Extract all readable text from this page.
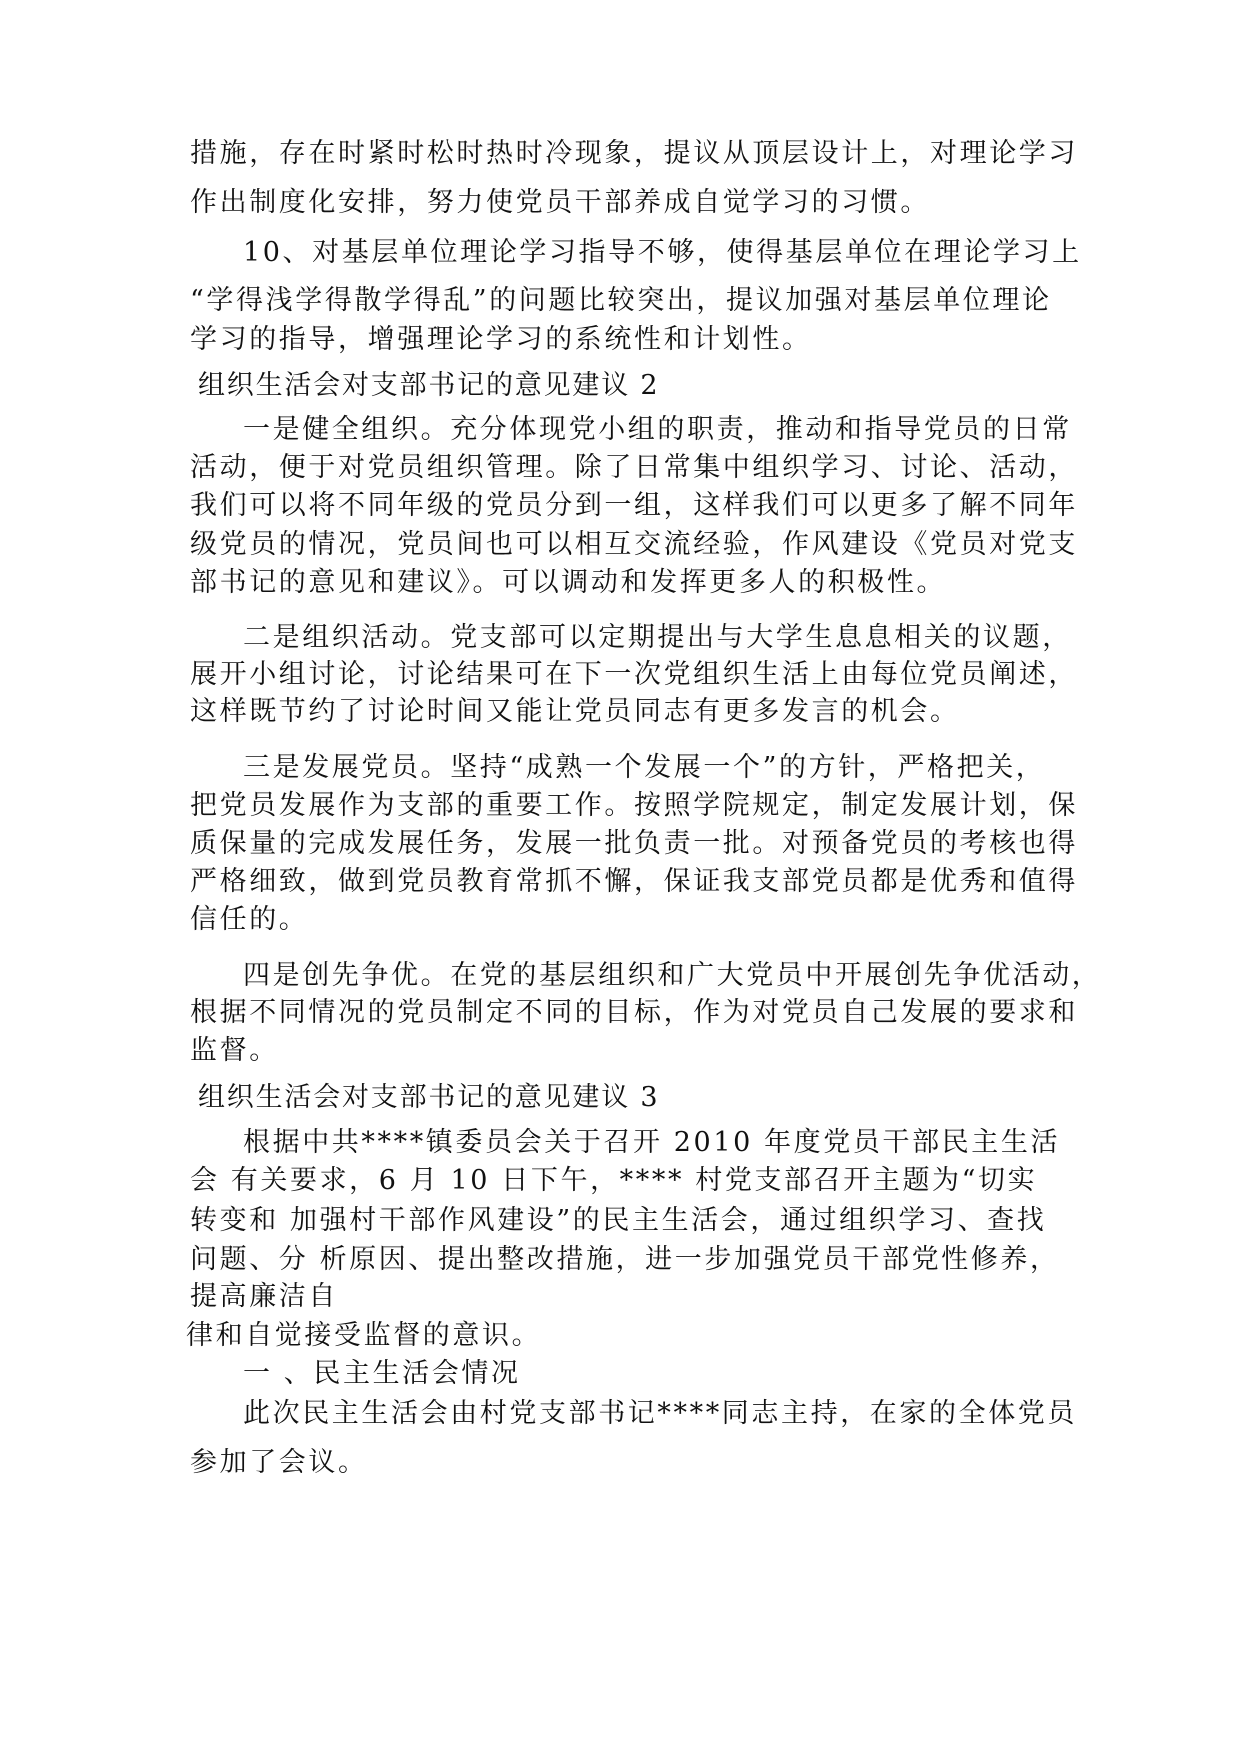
措施，存在时紧时松时热时冷现象，提议从顶层设计上，对理论学习

作出制度化安排，努力使党员干部养成自觉学习的习惯。

10、对基层单位理论学习指导不够，使得基层单位在理论学习上

“学得浅学得散学得乱”的问题比较突出，提议加强对基层单位理论

学习的指导，增强理论学习的系统性和计划性。

组织生活会对支部书记的意见建议 2

一是健全组织。充分体现党小组的职责，推动和指导党员的日常

活动，便于对党员组织管理。除了日常集中组织学习、讨论、活动，

我们可以将不同年级的党员分到一组，这样我们可以更多了解不同年

级党员的情况，党员间也可以相互交流经验，作风建设《党员对党支

部书记的意见和建议》。可以调动和发挥更多人的积极性。

二是组织活动。党支部可以定期提出与大学生息息相关的议题，

展开小组讨论，讨论结果可在下一次党组织生活上由每位党员阐述，

这样既节约了讨论时间又能让党员同志有更多发言的机会。

三是发展党员。坚持“成熟一个发展一个”的方针，严格把关，

把党员发展作为支部的重要工作。按照学院规定，制定发展计划，保

质保量的完成发展任务，发展一批负责一批。对预备党员的考核也得

严格细致，做到党员教育常抓不懈，保证我支部党员都是优秀和值得

信任的。

四是创先争优。在党的基层组织和广大党员中开展创先争优活动，

根据不同情况的党员制定不同的目标，作为对党员自己发展的要求和

监督。

组织生活会对支部书记的意见建议 3

根据中共****镇委员会关于召开 2010 年度党员干部民主生活

会 有关要求，6 月 10 日下午，**** 村党支部召开主题为“切实

转变和 加强村干部作风建设”的民主生活会，通过组织学习、查找

问题、分 析原因、提出整改措施，进一步加强党员干部党性修养，

提高廉洁自

律和自觉接受监督的意识。

一 、民主生活会情况

此次民主生活会由村党支部书记****同志主持，在家的全体党员

参加了会议。
